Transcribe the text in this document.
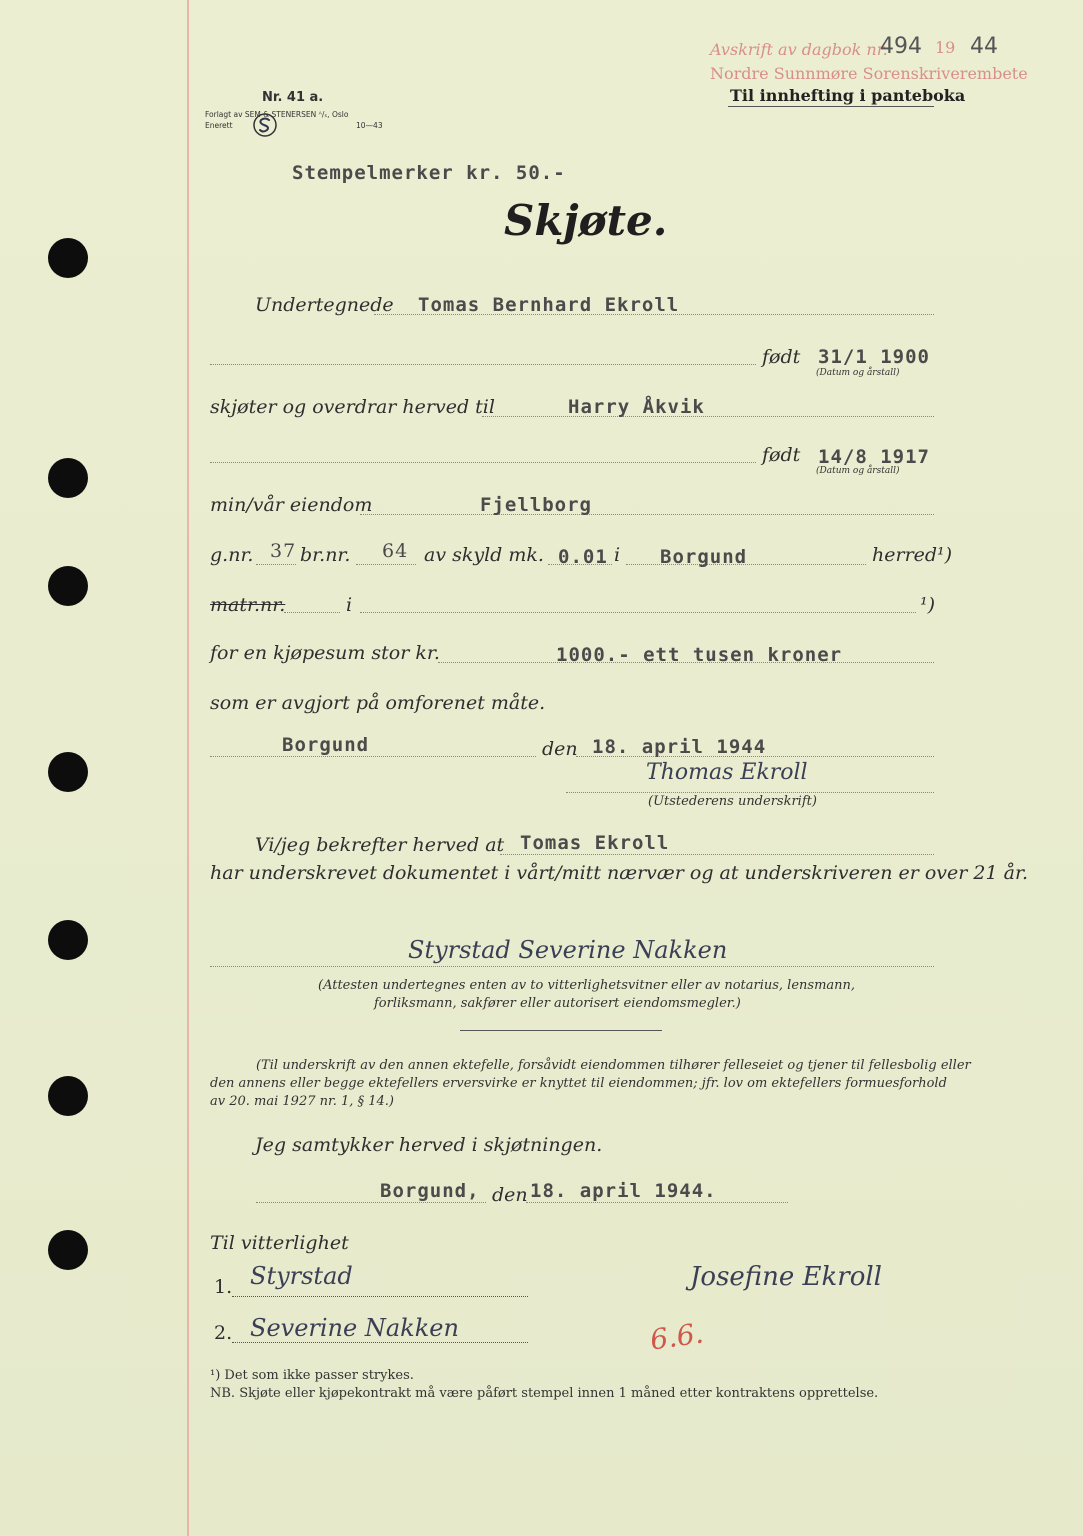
Avskrift av dagbok nr.
494 19 44
Nordre Sunnmøre Sorenskriverembete
Til innhefting i panteboka
Nr. 41 a.
Forlagt av SEM & STENERSEN ᴬ/ₛ, Oslo
Enerett	10—43
Stempelmerker kr. 50.-
Skjøte.
Undertegnede Tomas Bernhard Ekroll
født 31/1 1900
(Datum og årstall)
skjøter og overdrar herved til	Harry Åkvik
født 14/8 1917
(Datum og årstall)
min/vår eiendom	Fjellborg
g.nr. 37 br.nr. 64 av skyld mk. 0.01 i Borgund	herred¹)
matr.nr.	i	¹)
for en kjøpesum stor kr.	1000.- ett tusen kroner
som er avgjort på omforenet måte.
Borgund	den 18. april 1944
Thomas Ekroll
(Utstederens underskrift)
Vi/jeg bekrefter herved at Tomas Ekroll
har underskrevet dokumentet i vårt/mitt nærvær og at underskriveren er over 21 år.
Styrstad Severine Nakken
(Attesten undertegnes enten av to vitterlighetsvitner eller av notarius, lensmann,
forliksmann, sakfører eller autorisert eiendomsmegler.)
(Til underskrift av den annen ektefelle, forsåvidt eiendommen tilhører felleseiet og tjener til fellesbolig eller
den annens eller begge ektefellers erversvirke er knyttet til eiendommen; jfr. lov om ektefellers formuesforhold
av 20. mai 1927 nr. 1, § 14.)
Jeg samtykker herved i skjøtningen.
Borgund, den 18. april 1944.
Til vitterlighet
1. Styrstad
2. Severine Nakken	6.6.
Josefine Ekroll
¹) Det som ikke passer strykes.
NB. Skjøte eller kjøpekontrakt må være påført stempel innen 1 måned etter kontraktens opprettelse.
